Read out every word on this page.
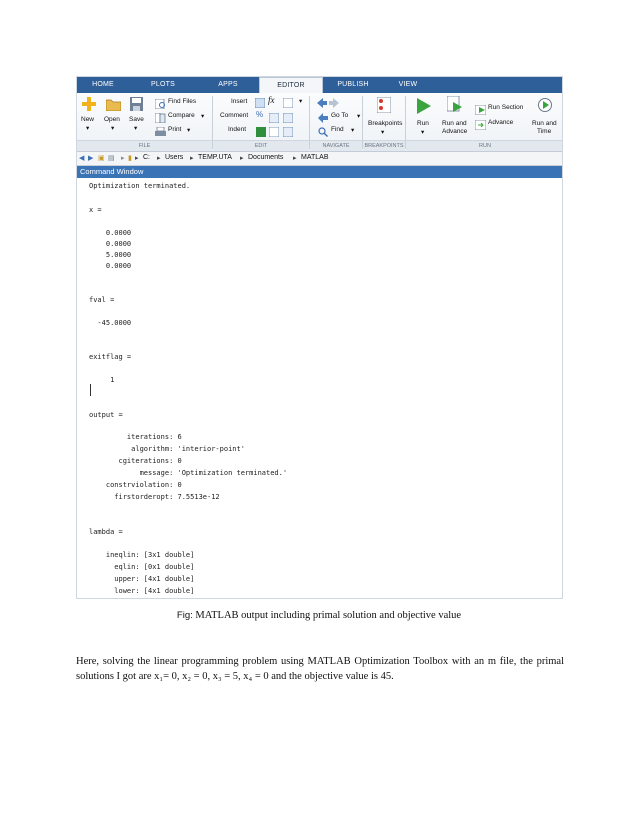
HOME	PLOTS	APPS	EDITOR	PUBLISH	VIEW
New
▾
Open
▾
Save
▾
Find Files
Compare ▾
Print ▾
FILE
Insert fx	▾
Comment %
Indent
EDIT
Go To ▾
Find ▾
NAVIGATE
Breakpoints
▾
BREAKPOINTS
Run
▾
Run and
Advance
Run Section
Advance	Run and
Time
RUN
◀ ▶ ▣ ▤ ▸ ▮ ▸ C: ▸ Users ▸ TEMP.UTA ▸ Documents ▸ MATLAB
Command Window
Optimization terminated.
x =
0.0000
0.0000
5.0000
0.0000
fval =
-45.0000
exitflag =
1
output =
iterations: 6
algorithm: 'interior-point'
cgiterations: 0
message: 'Optimization terminated.'
constrviolation: 0
firstorderopt: 7.5513e-12
lambda =
ineqlin: [3x1 double]
eqlin: [0x1 double]
upper: [4x1 double]
lower: [4x1 double]
Fig: MATLAB output including primal solution and objective value
Here, solving the linear programming problem using MATLAB Optimization Toolbox with an m file, the primal solutions I got are x₁= 0, x₂ = 0, x₃ = 5, x₄ = 0 and the objective value is 45.
